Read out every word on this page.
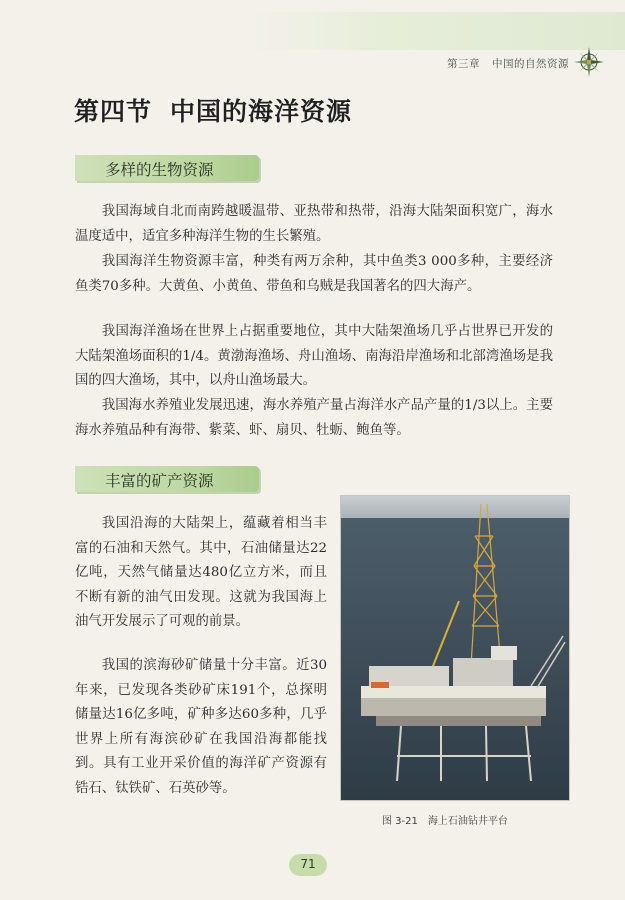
第三章 中国的自然资源
第四节 中国的海洋资源
多样的生物资源

我国海域自北而南跨越暖温带、亚热带和热带，沿海大陆架面积宽广，海水温度适中，适宜多种海洋生物的生长繁殖。

我国海洋生物资源丰富，种类有两万余种，其中鱼类3 000多种，主要经济鱼类70多种。大黄鱼、小黄鱼、带鱼和乌贼是我国著名的四大海产。

我国海洋渔场在世界上占据重要地位，其中大陆架渔场几乎占世界已开发的大陆架渔场面积的1/4。黄渤海渔场、舟山渔场、南海沿岸渔场和北部湾渔场是我国的四大渔场，其中，以舟山渔场最大。

我国海水养殖业发展迅速，海水养殖产量占海洋水产品产量的1/3以上。主要海水养殖品种有海带、紫菜、虾、扇贝、牡蛎、鲍鱼等。

丰富的矿产资源

我国沿海的大陆架上，蕴藏着相当丰富的石油和天然气。其中，石油储量达22亿吨，天然气储量达480亿立方米，而且不断有新的油气田发现。这就为我国海上油气开发展示了可观的前景。

我国的滨海砂矿储量十分丰富。近30年来，已发现各类砂矿床191个，总探明储量达16亿多吨，矿种多达60多种，几乎世界上所有海滨砂矿在我国沿海都能找到。具有工业开采价值的海洋矿产资源有锆石、钛铁矿、石英砂等。

图 3-21 海上石油钻井平台
71
